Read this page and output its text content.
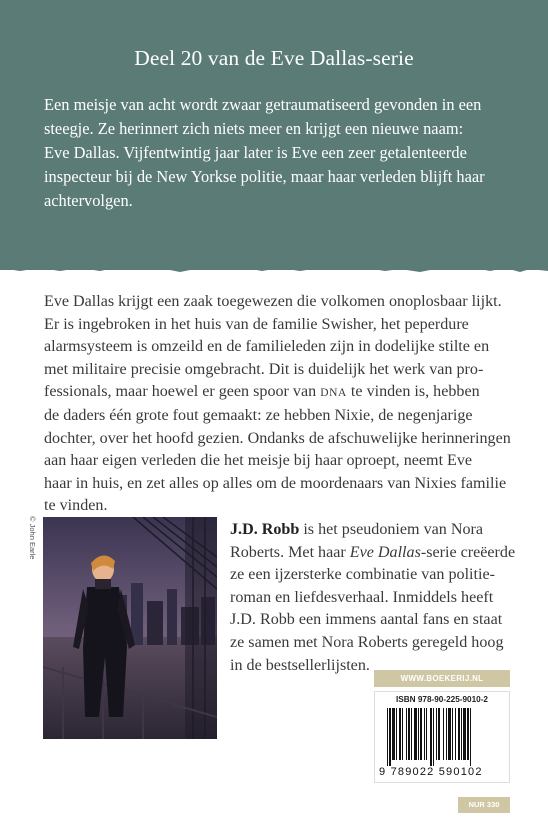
Deel 20 van de Eve Dallas-serie
Een meisje van acht wordt zwaar getraumatiseerd gevonden in een
steegje. Ze herinnert zich niets meer en krijgt een nieuwe naam:
Eve Dallas. Vijfentwintig jaar later is Eve een zeer getalenteerde
inspecteur bij de New Yorkse politie, maar haar verleden blijft haar
achtervolgen.
Eve Dallas krijgt een zaak toegewezen die volkomen onoplosbaar lijkt.
Er is ingebroken in het huis van de familie Swisher, het peperdure
alarmsysteem is omzeild en de familieleden zijn in dodelijke stilte en
met militaire precisie omgebracht. Dit is duidelijk het werk van pro-
fessionals, maar hoewel er geen spoor van DNA te vinden is, hebben
de daders één grote fout gemaakt: ze hebben Nixie, de negenjarige
dochter, over het hoofd gezien. Ondanks de afschuwelijke herinneringen
aan haar eigen verleden die het meisje bij haar oproept, neemt Eve
haar in huis, en zet alles op alles om de moordenaars van Nixies familie
te vinden.
© John Earle	J.D. Robb is het pseudoniem van Nora
Roberts. Met haar Eve Dallas-serie creëerde
ze een ijzersterke combinatie van politie-
roman en liefdesverhaal. Inmiddels heeft
J.D. Robb een immens aantal fans en staat
ze samen met Nora Roberts geregeld hoog
in de bestsellerlijsten.
WWW.BOEKERIJ.NL
ISBN 978-90-225-9010-2
9 789022 590102
NUR 330
